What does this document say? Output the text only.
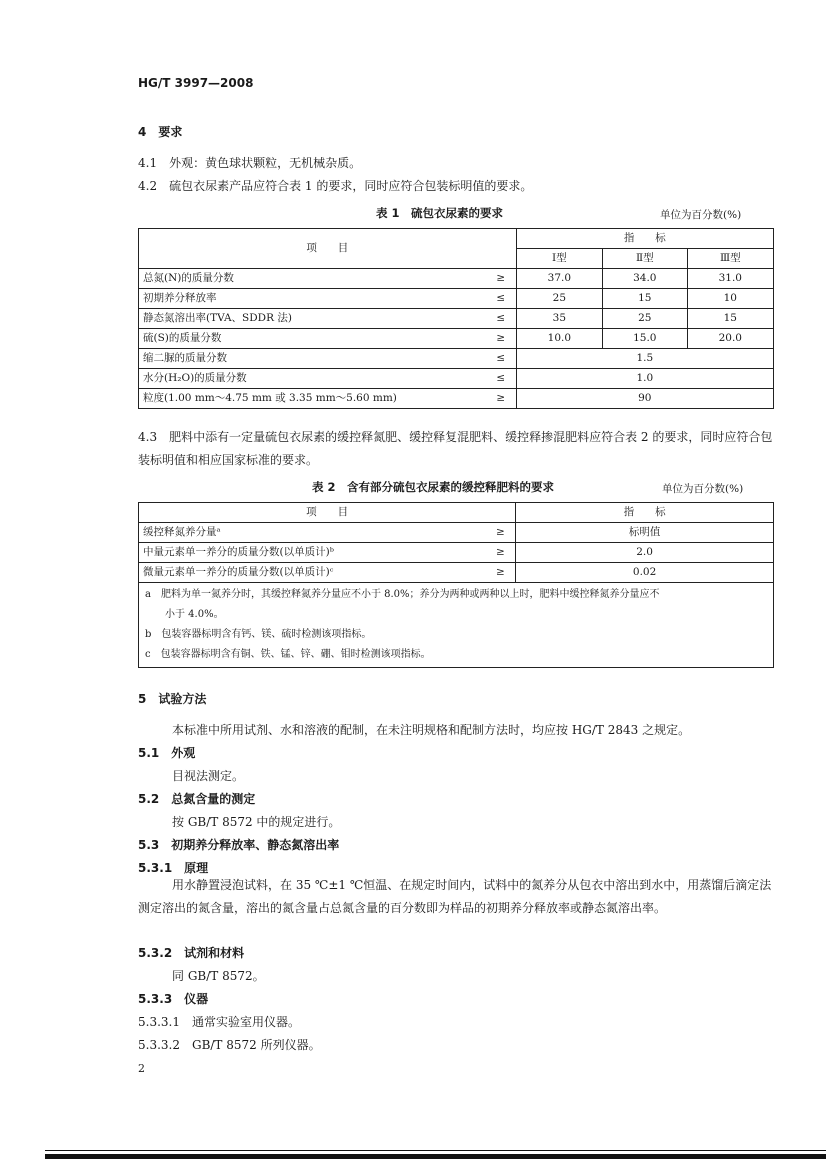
HG/T 3997—2008
4　要求
4.1　外观：黄色球状颗粒，无机械杂质。
4.2　硫包衣尿素产品应符合表 1 的要求，同时应符合包装标明值的要求。
表 1　硫包衣尿素的要求	单位为百分数(%)
项　　目		指　　标		
		Ⅰ型	Ⅱ型	Ⅲ型
总氮(N)的质量分数	≥	37.0	34.0	31.0
初期养分释放率	≤	25	15	10
静态氮溶出率(TVA、SDDR 法)	≤	35	25	15
硫(S)的质量分数	≥	10.0	15.0	20.0
缩二脲的质量分数	≤	1.5		
水分(H₂O)的质量分数	≤	1.0		
粒度(1.00 mm～4.75 mm 或 3.35 mm～5.60 mm)	≥	90		
4.3　肥料中添有一定量硫包衣尿素的缓控释氮肥、缓控释复混肥料、缓控释掺混肥料应符合表 2 的要求，同时应符合包装标明值和相应国家标准的要求。
表 2　含有部分硫包衣尿素的缓控释肥料的要求	单位为百分数(%)
项　　目		指　　标
缓控释氮养分量ᵃ	≥	标明值
中量元素单一养分的质量分数(以单质计)ᵇ	≥	2.0
微量元素单一养分的质量分数(以单质计)ᶜ	≥	0.02

a　肥料为单一氮养分时，其缓控释氮养分量应不小于 8.0%；养分为两种或两种以上时，肥料中缓控释氮养分量应不
　　小于 4.0%。
b　包装容器标明含有钙、镁、硫时检测该项指标。
c　包装容器标明含有铜、铁、锰、锌、硼、钼时检测该项指标。		
5　试验方法
本标准中所用试剂、水和溶液的配制，在未注明规格和配制方法时，均应按 HG/T 2843 之规定。
5.1　外观
目视法测定。
5.2　总氮含量的测定
按 GB/T 8572 中的规定进行。
5.3　初期养分释放率、静态氮溶出率
5.3.1　原理
用水静置浸泡试料，在 35 ℃±1 ℃恒温、在规定时间内，试料中的氮养分从包衣中溶出到水中，用蒸馏后滴定法测定溶出的氮含量，溶出的氮含量占总氮含量的百分数即为样品的初期养分释放率或静态氮溶出率。
5.3.2　试剂和材料
同 GB/T 8572。
5.3.3　仪器
5.3.3.1　通常实验室用仪器。
5.3.3.2　GB/T 8572 所列仪器。
2
